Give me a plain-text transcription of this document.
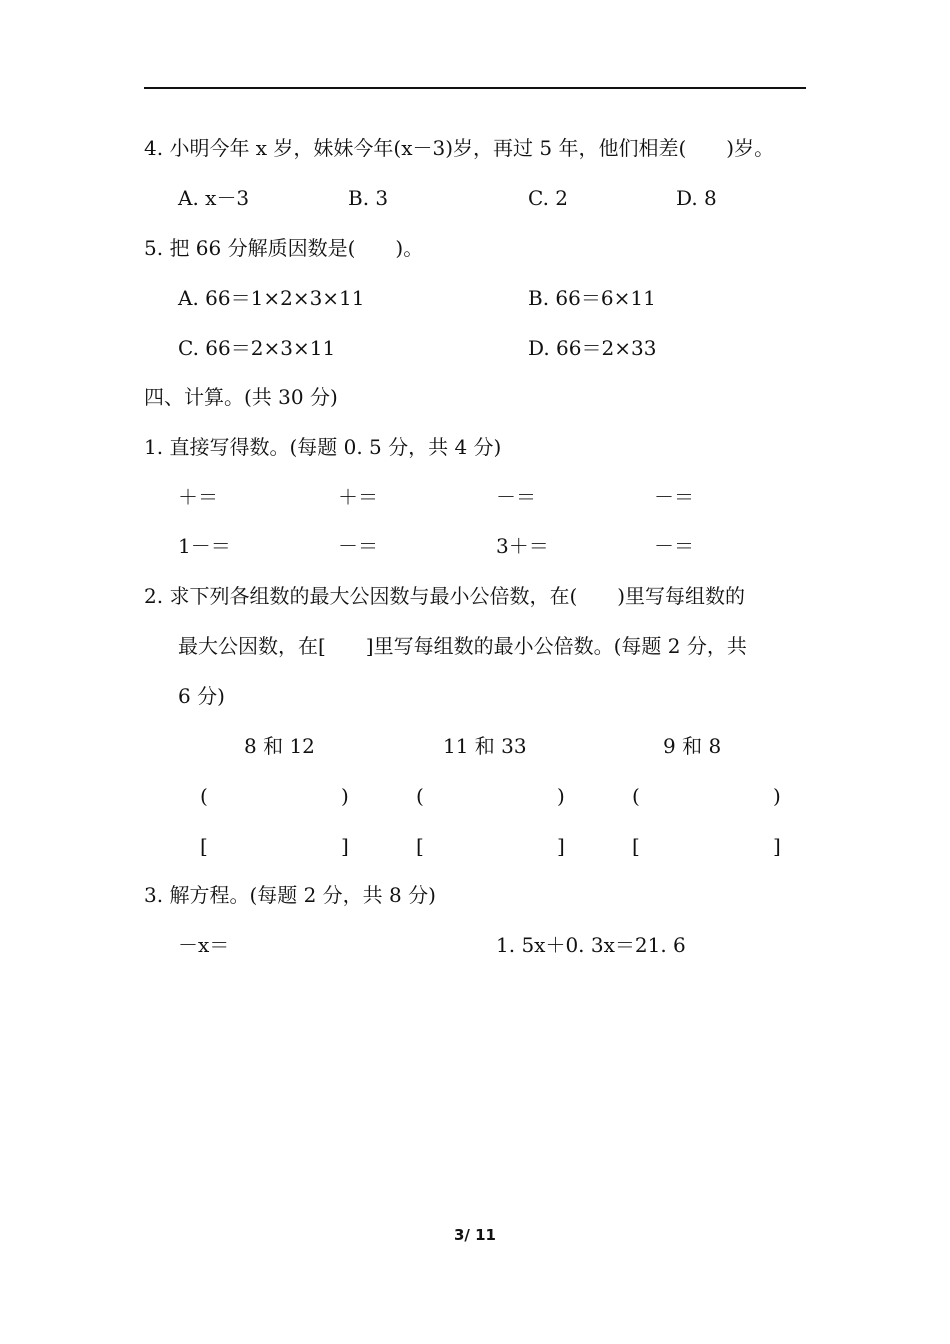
4. 小明今年 x 岁，妹妹今年(x－3)岁，再过 5 年，他们相差(　　)岁。
A. x－3	B. 3	C. 2	D. 8
5. 把 66 分解质因数是(　　)。
A. 66＝1×2×3×11	B. 66＝6×11
C. 66＝2×3×11	D. 66＝2×33
四、计算。(共 30 分)
1. 直接写得数。(每题 0. 5 分，共 4 分)
＋＝	＋＝	－＝	－＝
1－＝	－＝	3＋＝	－＝
2. 求下列各组数的最大公因数与最小公倍数，在(　　)里写每组数的
最大公因数，在[　　]里写每组数的最小公倍数。(每题 2 分，共
6 分)
8 和 12	11 和 33	9 和 8
(	)	(	)	(	)
[	]	[	]	[	]
3. 解方程。(每题 2 分，共 8 分)
－x＝	1. 5x＋0. 3x＝21. 6
3/ 11
